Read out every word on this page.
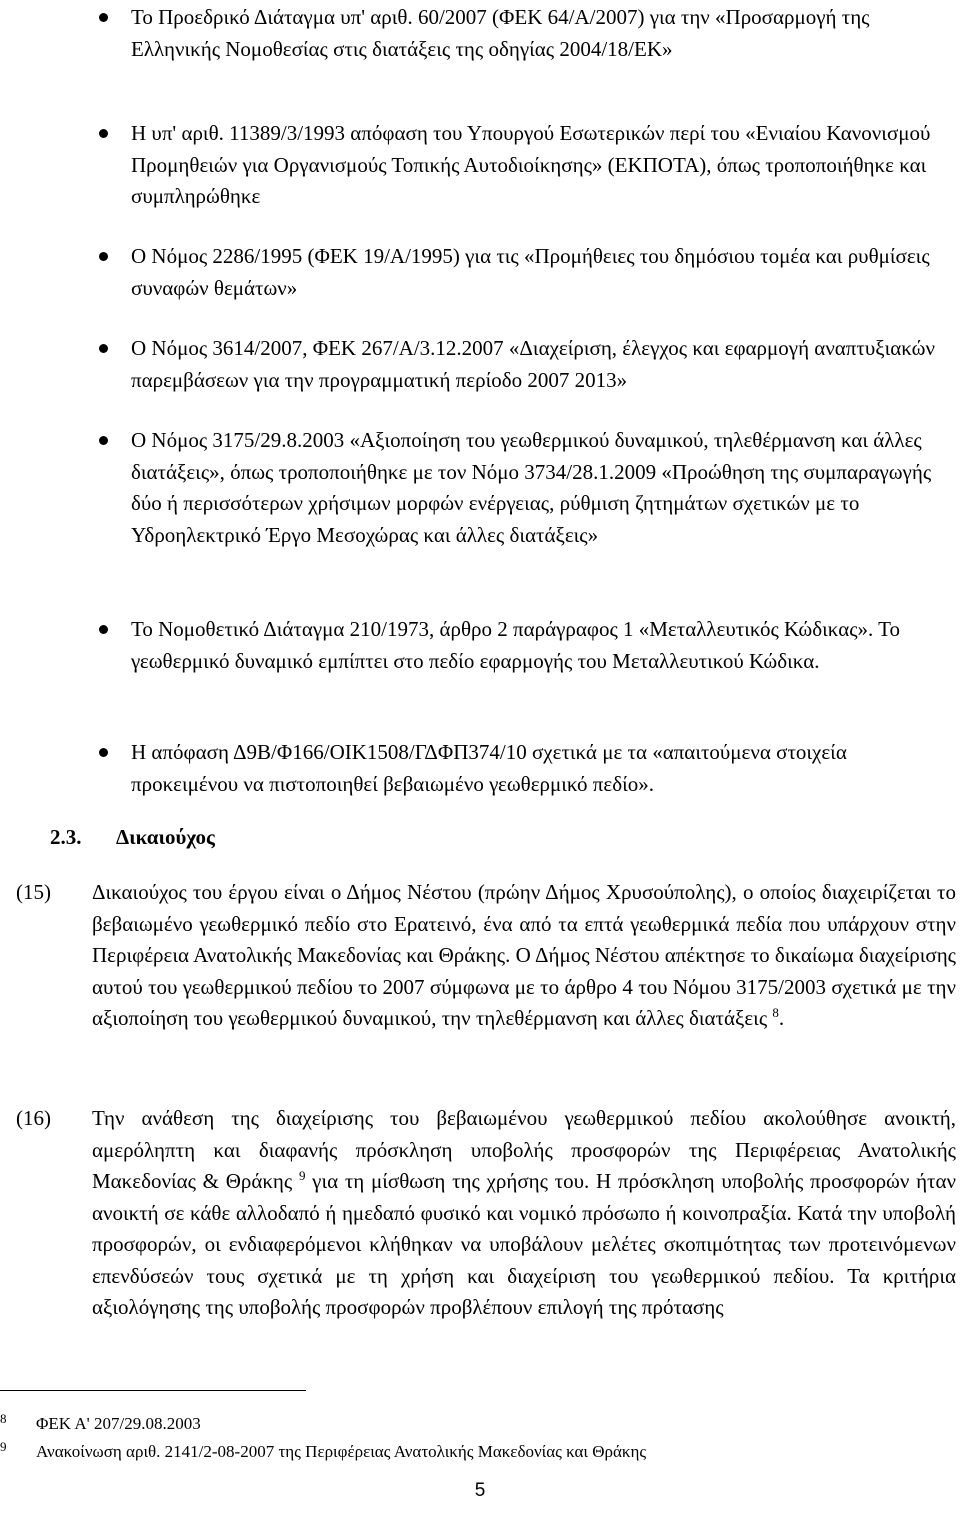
Το Προεδρικό Διάταγμα υπ' αριθ. 60/2007 (ΦΕΚ 64/Α/2007) για την «Προσαρμογή της Ελληνικής Νομοθεσίας στις διατάξεις της οδηγίας 2004/18/ΕΚ»
Η υπ' αριθ. 11389/3/1993 απόφαση του Υπουργού Εσωτερικών περί του «Ενιαίου Κανονισμού Προμηθειών για Οργανισμούς Τοπικής Αυτοδιοίκησης» (ΕΚΠΟΤΑ), όπως τροποποιήθηκε και συμπληρώθηκε
Ο Νόμος 2286/1995 (ΦΕΚ 19/Α/1995) για τις «Προμήθειες του δημόσιου τομέα και ρυθμίσεις συναφών θεμάτων»
Ο Νόμος 3614/2007, ΦΕΚ 267/Α/3.12.2007 «Διαχείριση, έλεγχος και εφαρμογή αναπτυξιακών παρεμβάσεων για την προγραμματική περίοδο 2007 2013»
Ο Νόμος 3175/29.8.2003 «Αξιοποίηση του γεωθερμικού δυναμικού, τηλεθέρμανση και άλλες διατάξεις», όπως τροποποιήθηκε με τον Νόμο 3734/28.1.2009 «Προώθηση της συμπαραγωγής δύο ή περισσότερων χρήσιμων μορφών ενέργειας, ρύθμιση ζητημάτων σχετικών με το Υδροηλεκτρικό Έργο Μεσοχώρας και άλλες διατάξεις»
Το Νομοθετικό Διάταγμα 210/1973, άρθρο 2 παράγραφος 1 «Μεταλλευτικός Κώδικας». Το γεωθερμικό δυναμικό εμπίπτει στο πεδίο εφαρμογής του Μεταλλευτικού Κώδικα.
Η απόφαση Δ9Β/Φ166/ΟΙΚ1508/ΓΔΦΠ374/10 σχετικά με τα «απαιτούμενα στοιχεία προκειμένου να πιστοποιηθεί βεβαιωμένο γεωθερμικό πεδίο».
2.3. Δικαιούχος
(15) Δικαιούχος του έργου είναι ο Δήμος Νέστου (πρώην Δήμος Χρυσούπολης), ο οποίος διαχειρίζεται το βεβαιωμένο γεωθερμικό πεδίο στο Ερατεινό, ένα από τα επτά γεωθερμικά πεδία που υπάρχουν στην Περιφέρεια Ανατολικής Μακεδονίας και Θράκης. Ο Δήμος Νέστου απέκτησε το δικαίωμα διαχείρισης αυτού του γεωθερμικού πεδίου το 2007 σύμφωνα με το άρθρο 4 του Νόμου 3175/2003 σχετικά με την αξιοποίηση του γεωθερμικού δυναμικού, την τηλεθέρμανση και άλλες διατάξεις $^8$.
(16) Την ανάθεση της διαχείρισης του βεβαιωμένου γεωθερμικού πεδίου ακολούθησε ανοικτή, αμερόληπτη και διαφανής πρόσκληση υποβολής προσφορών της Περιφέρειας Ανατολικής Μακεδονίας & Θράκης $^9$ για τη μίσθωση της χρήσης του. Η πρόσκληση υποβολής προσφορών ήταν ανοικτή σε κάθε αλλοδαπό ή ημεδαπό φυσικό και νομικό πρόσωπο ή κοινοπραξία. Κατά την υποβολή προσφορών, οι ενδιαφερόμενοι κλήθηκαν να υποβάλουν μελέτες σκοπιμότητας των προτεινόμενων επενδύσεών τους σχετικά με τη χρήση και διαχείριση του γεωθερμικού πεδίου. Τα κριτήρια αξιολόγησης της υποβολής προσφορών προβλέπουν επιλογή της πρότασης
8 ΦΕΚ Α' 207/29.08.2003
9 Ανακοίνωση αριθ. 2141/2-08-2007 της Περιφέρειας Ανατολικής Μακεδονίας και Θράκης
5
